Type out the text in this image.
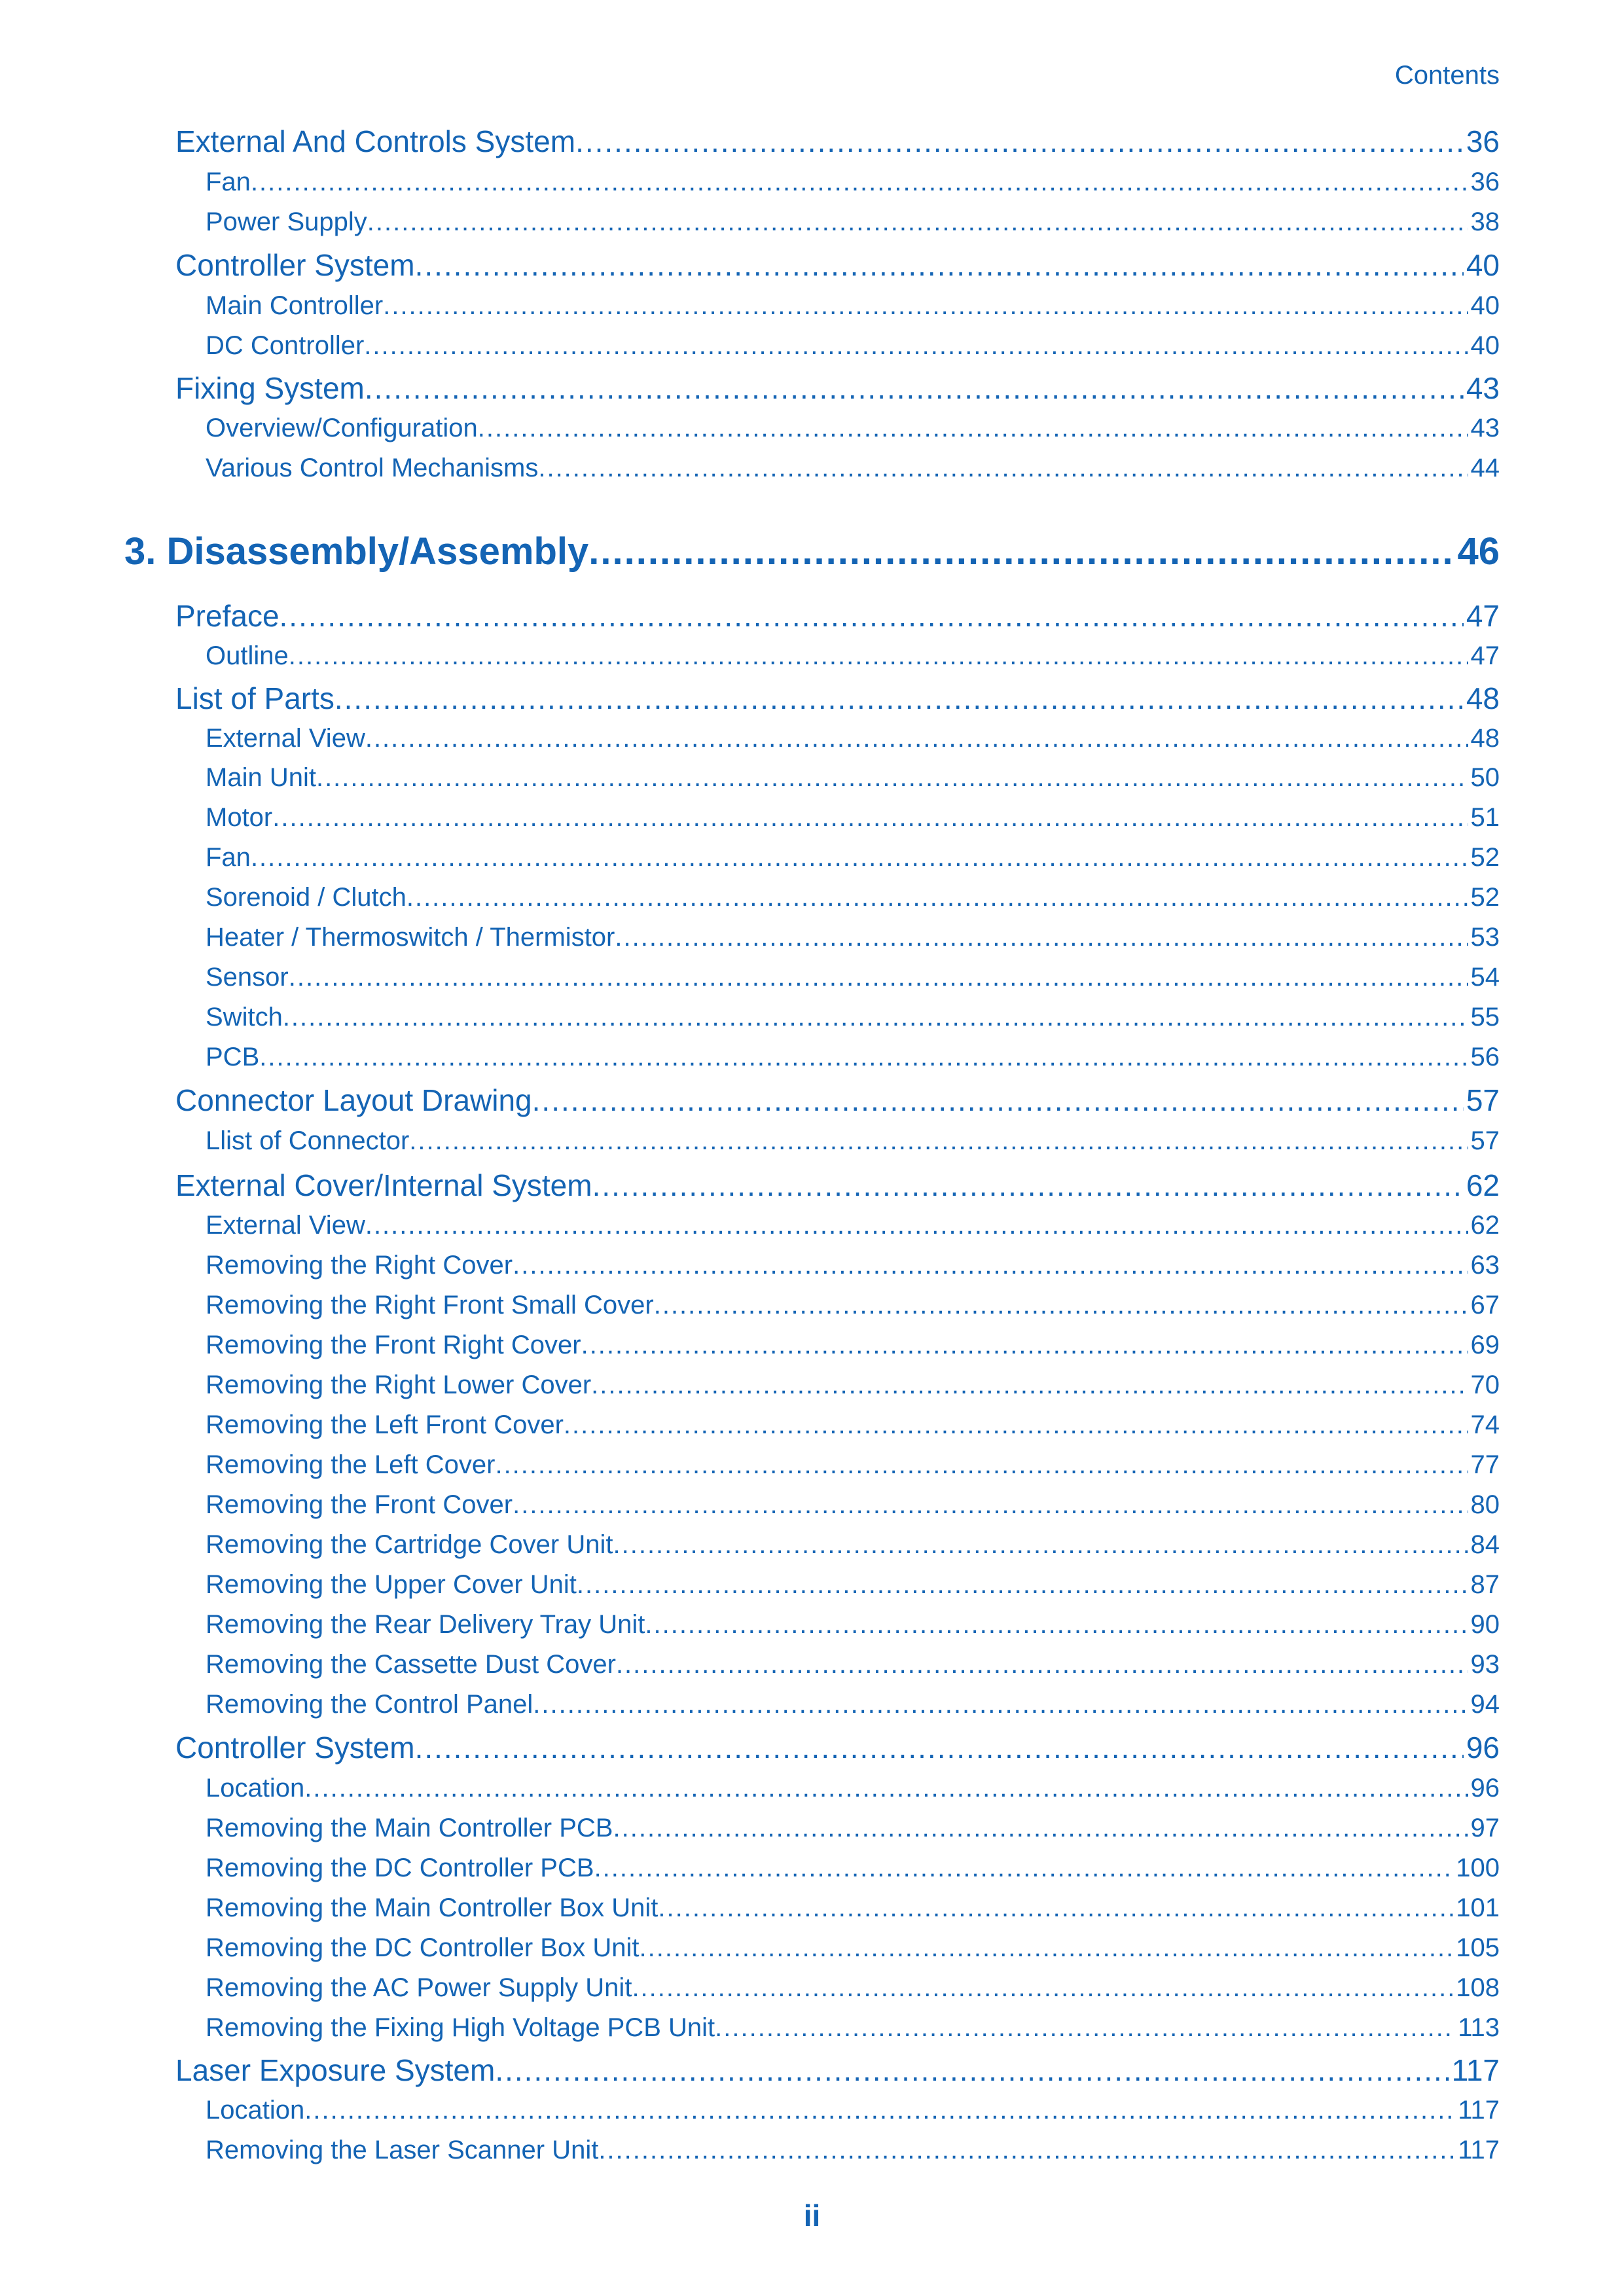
Contents
External And Controls System .....	36
Fan .....	36
Power Supply .....	38
Controller System .....	40
Main Controller .....	40
DC Controller .....	40
Fixing System .....	43
Overview/Configuration .....	43
Various Control Mechanisms .....	44
3. Disassembly/Assembly .....	46
Preface .....	47
Outline .....	47
List of Parts .....	48
External View .....	48
Main Unit .....	50
Motor .....	51
Fan .....	52
Sorenoid / Clutch .....	52
Heater / Thermoswitch / Thermistor .....	53
Sensor .....	54
Switch .....	55
PCB .....	56
Connector Layout Drawing .....	57
Llist of Connector .....	57
External Cover/Internal System .....	62
External View .....	62
Removing the Right Cover .....	63
Removing the Right Front Small Cover .....	67
Removing the Front Right Cover .....	69
Removing the Right Lower Cover .....	70
Removing the Left Front Cover .....	74
Removing the Left Cover .....	77
Removing the Front Cover .....	80
Removing the Cartridge Cover Unit .....	84
Removing the Upper Cover Unit .....	87
Removing the Rear Delivery Tray Unit .....	90
Removing the Cassette Dust Cover .....	93
Removing the Control Panel .....	94
Controller System .....	96
Location .....	96
Removing the Main Controller PCB .....	97
Removing the DC Controller PCB .....	100
Removing the Main Controller Box Unit .....	101
Removing the DC Controller Box Unit .....	105
Removing the AC Power Supply Unit .....	108
Removing the Fixing High Voltage PCB Unit .....	113
Laser Exposure System .....	117
Location .....	117
Removing the Laser Scanner Unit .....	117
ii
